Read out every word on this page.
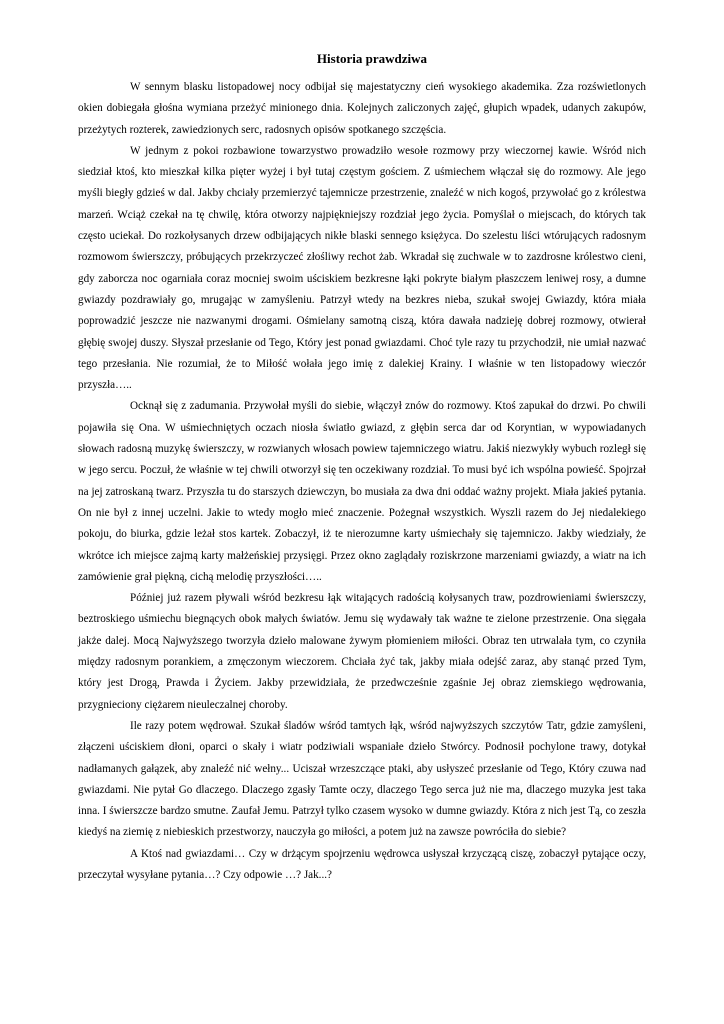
Historia prawdziwa

W sennym blasku listopadowej nocy odbijał się majestatyczny cień wysokiego akademika. Zza rozświetlonych okien dobiegała głośna wymiana przeżyć minionego dnia. Kolejnych zaliczonych zajęć, głupich wpadek, udanych zakupów, przeżytych rozterek, zawiedzionych serc, radosnych opisów spotkanego szczęścia.

W jednym z pokoi rozbawione towarzystwo prowadziło wesołe rozmowy przy wieczornej kawie. Wśród nich siedział ktoś, kto mieszkał kilka pięter wyżej i był tutaj częstym gościem. Z uśmiechem włączał się do rozmowy. Ale jego myśli biegły gdzieś w dal. Jakby chciały przemierzyć tajemnicze przestrzenie, znaleźć w nich kogoś, przywołać go z królestwa marzeń. Wciąż czekał na tę chwilę, która otworzy najpiękniejszy rozdział jego życia. Pomyślał o miejscach, do których tak często uciekał. Do rozkołysanych drzew odbijających nikłe blaski sennego księżyca. Do szelestu liści wtórujących radosnym rozmowom świerszczy, próbujących przekrzyczeć złośliwy rechot żab. Wkradał się zuchwale w to zazdrosne królestwo cieni, gdy zaborcza noc ogarniała coraz mocniej swoim uściskiem bezkresne łąki pokryte białym płaszczem leniwej rosy, a dumne gwiazdy pozdrawiały go, mrugając w zamyśleniu. Patrzył wtedy na bezkres nieba, szukał swojej Gwiazdy, która miała poprowadzić jeszcze nie nazwanymi drogami. Ośmielany samotną ciszą, która dawała nadzieję dobrej rozmowy, otwierał głębię swojej duszy. Słyszał przesłanie od Tego, Który jest ponad gwiazdami. Choć tyle razy tu przychodził, nie umiał nazwać tego przesłania. Nie rozumiał, że to Miłość wołała jego imię z dalekiej Krainy. I właśnie w ten listopadowy wieczór przyszła…..

Ocknął się z zadumania. Przywołał myśli do siebie, włączył znów do rozmowy. Ktoś zapukał do drzwi. Po chwili pojawiła się Ona. W uśmiechniętych oczach niosła światło gwiazd, z głębin serca dar od Koryntian, w wypowiadanych słowach radosną muzykę świerszczy, w rozwianych włosach powiew tajemniczego wiatru. Jakiś niezwykły wybuch rozległ się w jego sercu. Poczuł, że właśnie w tej chwili otworzył się ten oczekiwany rozdział. To musi być ich wspólna powieść. Spojrzał na jej zatroskaną twarz. Przyszła tu do starszych dziewczyn, bo musiała za dwa dni oddać ważny projekt. Miała jakieś pytania. On nie był z innej uczelni. Jakie to wtedy mogło mieć znaczenie. Pożegnał wszystkich. Wyszli razem do Jej niedalekiego pokoju, do biurka, gdzie leżał stos kartek. Zobaczył, iż te nierozumne karty uśmiechały się tajemniczo. Jakby wiedziały, że wkrótce ich miejsce zajmą karty małżeńskiej przysięgi. Przez okno zaglądały roziskrzone marzeniami gwiazdy, a wiatr na ich zamówienie grał piękną, cichą melodię przyszłości…..

Później już razem pływali wśród bezkresu łąk witających radością kołysanych traw, pozdrowieniami świerszczy, beztroskiego uśmiechu biegnących obok małych światów. Jemu się wydawały tak ważne te zielone przestrzenie. Ona sięgała jakże dalej. Mocą Najwyższego tworzyła dzieło malowane żywym płomieniem miłości. Obraz ten utrwalała tym, co czyniła między radosnym porankiem, a zmęczonym wieczorem. Chciała żyć tak, jakby miała odejść zaraz, aby stanąć przed Tym, który jest Drogą, Prawda i Życiem. Jakby przewidziała, że przedwcześnie zgaśnie Jej obraz ziemskiego wędrowania, przygnieciony ciężarem nieuleczalnej choroby.

Ile razy potem wędrował. Szukał śladów wśród tamtych łąk, wśród najwyższych szczytów Tatr, gdzie zamyśleni, złączeni uściskiem dłoni, oparci o skały i wiatr podziwiali wspaniałe dzieło Stwórcy. Podnosił pochylone trawy, dotykał nadłamanych gałązek, aby znaleźć nić wełny... Uciszał wrzeszczące ptaki, aby usłyszeć przesłanie od Tego, Który czuwa nad gwiazdami. Nie pytał Go dlaczego. Dlaczego zgasły Tamte oczy, dlaczego Tego serca już nie ma, dlaczego muzyka jest taka inna. I świerszcze bardzo smutne. Zaufał Jemu. Patrzył tylko czasem wysoko w dumne gwiazdy. Która z nich jest Tą, co zeszła kiedyś na ziemię z niebieskich przestworzy, nauczyła go miłości, a potem już na zawsze powróciła do siebie?

A Ktoś nad gwiazdami… Czy w drżącym spojrzeniu wędrowca usłyszał krzyczącą ciszę, zobaczył pytające oczy, przeczytał wysyłane pytania…? Czy odpowie …? Jak...?
